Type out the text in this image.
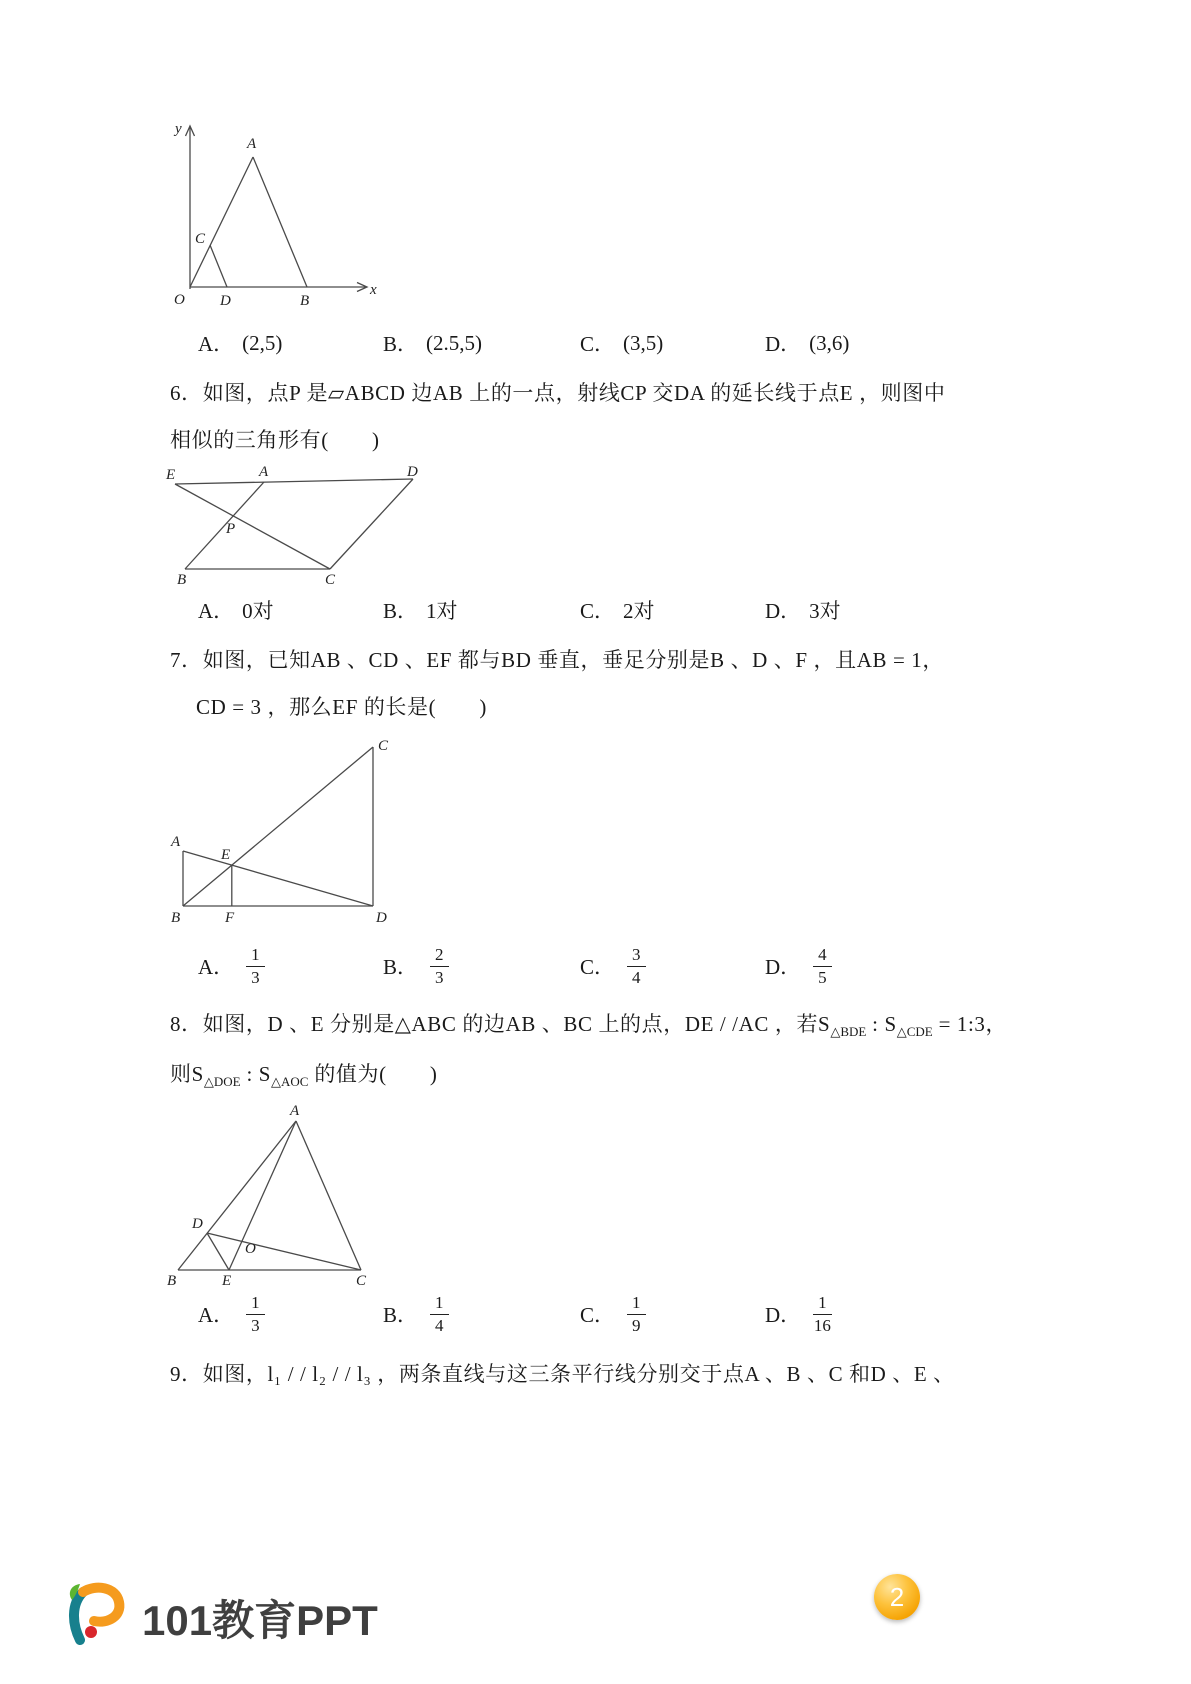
y
x
O
A
C
D	B
A． (2,5)	B． (2.5,5)	C． (3,5)	D． (3,6)
6．如图，点P 是▱ABCD 边AB 上的一点，射线CP 交DA 的延长线于点E ，则图中
相似的三角形有(　　)
E	A	D
P
B	C
A． 0对	B． 1对	C． 2对	D． 3对
7．如图，已知AB 、CD 、EF 都与BD 垂直，垂足分别是B 、D 、F ，且AB = 1，
CD = 3 ，那么EF 的长是(　　)
C
A
E
B	F	D
A． $\frac{1}{3}$	B． $\frac{2}{3}$	C． $\frac{3}{4}$	D． $\frac{4}{5}$
8．如图，D 、E 分别是△ABC 的边AB 、BC 上的点，DE / /AC ，若$S_{\triangle BDE}$ : $S_{\triangle CDE}$ = 1:3，
则$S_{\triangle DOE}$ : $S_{\triangle AOC}$ 的值为(　　)
A
D
O
B	E	C
A． $\frac{1}{3}$	B． $\frac{1}{4}$	C． $\frac{1}{9}$	D． $\frac{1}{16}$
9．如图，l₁ / / l₂ / / l₃ ，两条直线与这三条平行线分别交于点A 、B 、C 和D 、E 、
101教育PPT
2
